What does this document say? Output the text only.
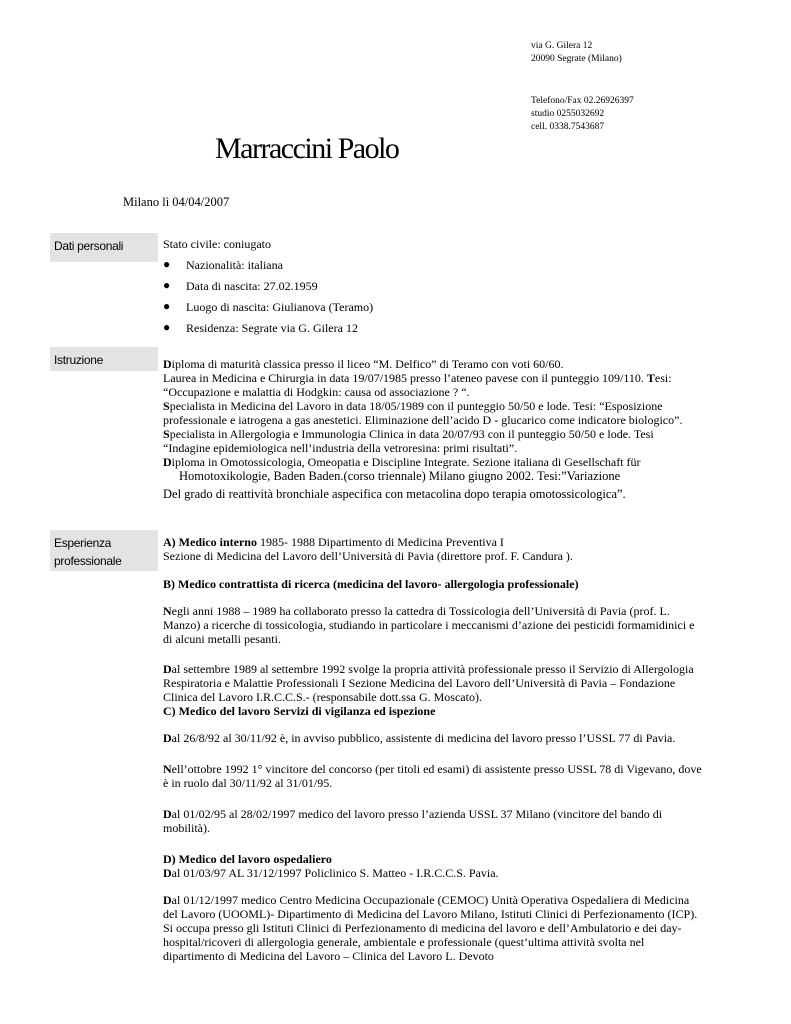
via G. Gilera 12
20090 Segrate (Milano)
Telefono/Fax 02.26926397
studio 0255032692
cell. 0338.7543687
Marraccini Paolo
Milano lì 04/04/2007
Dati personali	Stato civile: coniugato
● Nazionalità: italiana
● Data di nascita: 27.02.1959
● Luogo di nascita: Giulianova (Teramo)
● Residenza: Segrate via G. Gilera 12
Istruzione	Diploma di maturità classica presso il liceo “M. Delfico” di Teramo con voti 60/60.

Laurea in Medicina e Chirurgia in data 19/07/1985 presso l’ateneo pavese con il punteggio 109/110. Tesi:

“Occupazione e malattia di Hodgkin: causa od associazione ? “.

Specialista in Medicina del Lavoro in data 18/05/1989 con il punteggio 50/50 e lode. Tesi: “Esposizione professionale e iatrogena a gas anestetici. Eliminazione dell’acido D - glucarico come indicatore biologico”.

Specialista in Allergologia e Immunologia Clinica in data 20/07/93 con il punteggio 50/50 e lode. Tesi “Indagine epidemiologica nell’industria della vetroresina: primi risultati”.

Diploma in Omotossicologia, Omeopatia e Discipline Integrate. Sezione italiana di Gesellschaft für

Homotoxikologie, Baden Baden.(corso triennale) Milano giugno 2002. Tesi:”Variazione

Del grado di reattività bronchiale aspecifica con metacolina dopo terapia omotossicologica”.

Esperienza
professionale

A) Medico interno 1985- 1988 Dipartimento di Medicina Preventiva I

Sezione di Medicina del Lavoro dell’Università di Pavia (direttore prof. F. Candura ).

B) Medico contrattista di ricerca (medicina del lavoro- allergologia professionale)

Negli anni 1988 – 1989 ha collaborato presso la cattedra di Tossicologia dell’Università di Pavia (prof. L. Manzo) a ricerche di tossicologia, studiando in particolare i meccanismi d’azione dei pesticidi formamidinici e di alcuni metalli pesanti.

Dal settembre 1989 al settembre 1992 svolge la propria attività professionale presso il Servizio di Allergologia Respiratoria e Malattie Professionali I Sezione Medicina del Lavoro dell’Università di Pavia – Fondazione Clinica del Lavoro I.R.C.C.S.- (responsabile dott.ssa G. Moscato).

C) Medico del lavoro Servizi di vigilanza ed ispezione

Dal 26/8/92 al 30/11/92 è, in avviso pubblico, assistente di medicina del lavoro presso l’USSL 77 di Pavia.

Nell’ottobre 1992 1° vincitore del concorso (per titoli ed esami) di assistente presso USSL 78 di Vigevano, dove è in ruolo dal 30/11/92 al 31/01/95.

Dal 01/02/95 al 28/02/1997 medico del lavoro presso l’azienda USSL 37 Milano (vincitore del bando di mobilità).

D) Medico del lavoro ospedaliero

Dal 01/03/97 AL 31/12/1997 Policlinico S. Matteo - I.R.C.C.S. Pavia.

Dal 01/12/1997 medico Centro Medicina Occupazionale (CEMOC) Unità Operativa Ospedaliera di Medicina del Lavoro (UOOML)- Dipartimento di Medicina del Lavoro Milano, Istituti Clinici di Perfezionamento (ICP). Si occupa presso gli Istituti Clinici di Perfezionamento di medicina del lavoro e dell’Ambulatorio e dei day- hospital/ricoveri di allergologia generale, ambientale e professionale (quest’ultima attività svolta nel dipartimento di Medicina del Lavoro – Clinica del Lavoro L. Devoto
